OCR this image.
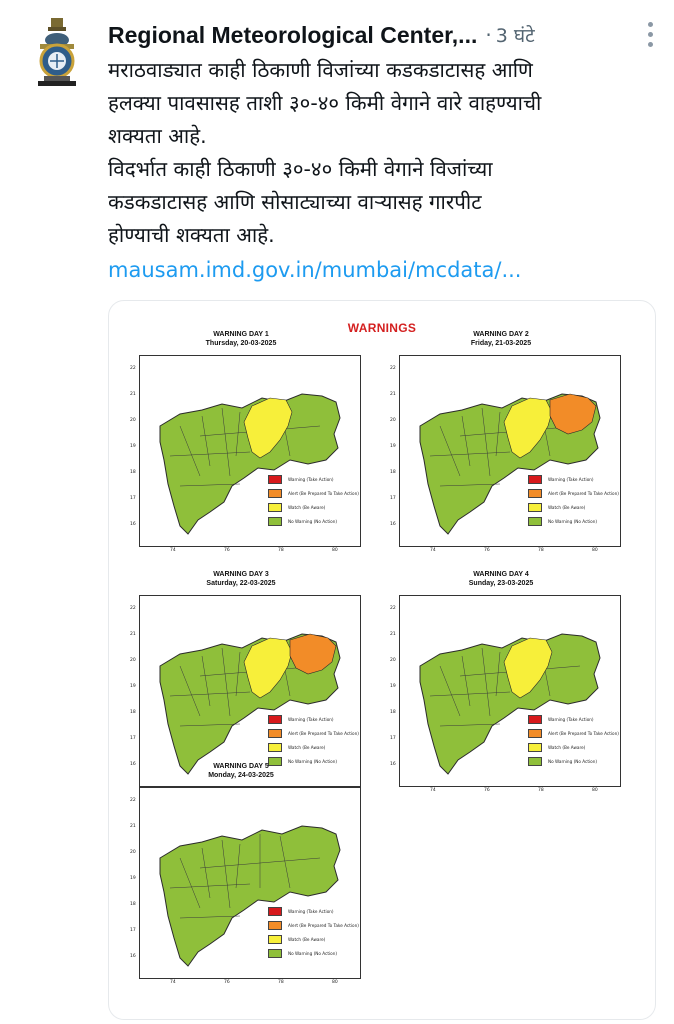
Regional Meteorological Center,... · 3 घंटे

मराठवाड्यात काही ठिकाणी विजांच्या कडकडाटासह आणि

हलक्या पावसासह ताशी ३०-४० किमी वेगाने वारे वाहण्याची

शक्यता आहे.

विदर्भात काही ठिकाणी ३०-४० किमी वेगाने विजांच्या

कडकडाटासह आणि सोसाट्याच्या वाऱ्यासह गारपीट

होण्याची शक्यता आहे.

mausam.imd.gov.in/mumbai/mcdata/...
WARNINGS
WARNING DAY 1
Thursday, 20-03-2025
22
21
20
19
18
17
16
74	76	78	80
Warning (Take Action)
Alert (Be Prepared To Take Action)
Watch (Be Aware)
No Warning (No Action)
WARNING DAY 2
Friday, 21-03-2025
22
21
20
19
18
17
16
74	76	78	80
Warning (Take Action)
Alert (Be Prepared To Take Action)
Watch (Be Aware)
No Warning (No Action)
WARNING DAY 3
Saturday, 22-03-2025
22
21
20
19
18
17
16
Warning (Take Action)
Alert (Be Prepared To Take Action)
Watch (Be Aware)
No Warning (No Action)
WARNING DAY 4
Sunday, 23-03-2025
22
21
20
19
18
17
16
74	76	78	80
Warning (Take Action)
Alert (Be Prepared To Take Action)
Watch (Be Aware)
No Warning (No Action)
WARNING DAY 5
Monday, 24-03-2025
22
21
20
19
18
17
16
74	76	78	80
Warning (Take Action)
Alert (Be Prepared To Take Action)
Watch (Be Aware)
No Warning (No Action)
